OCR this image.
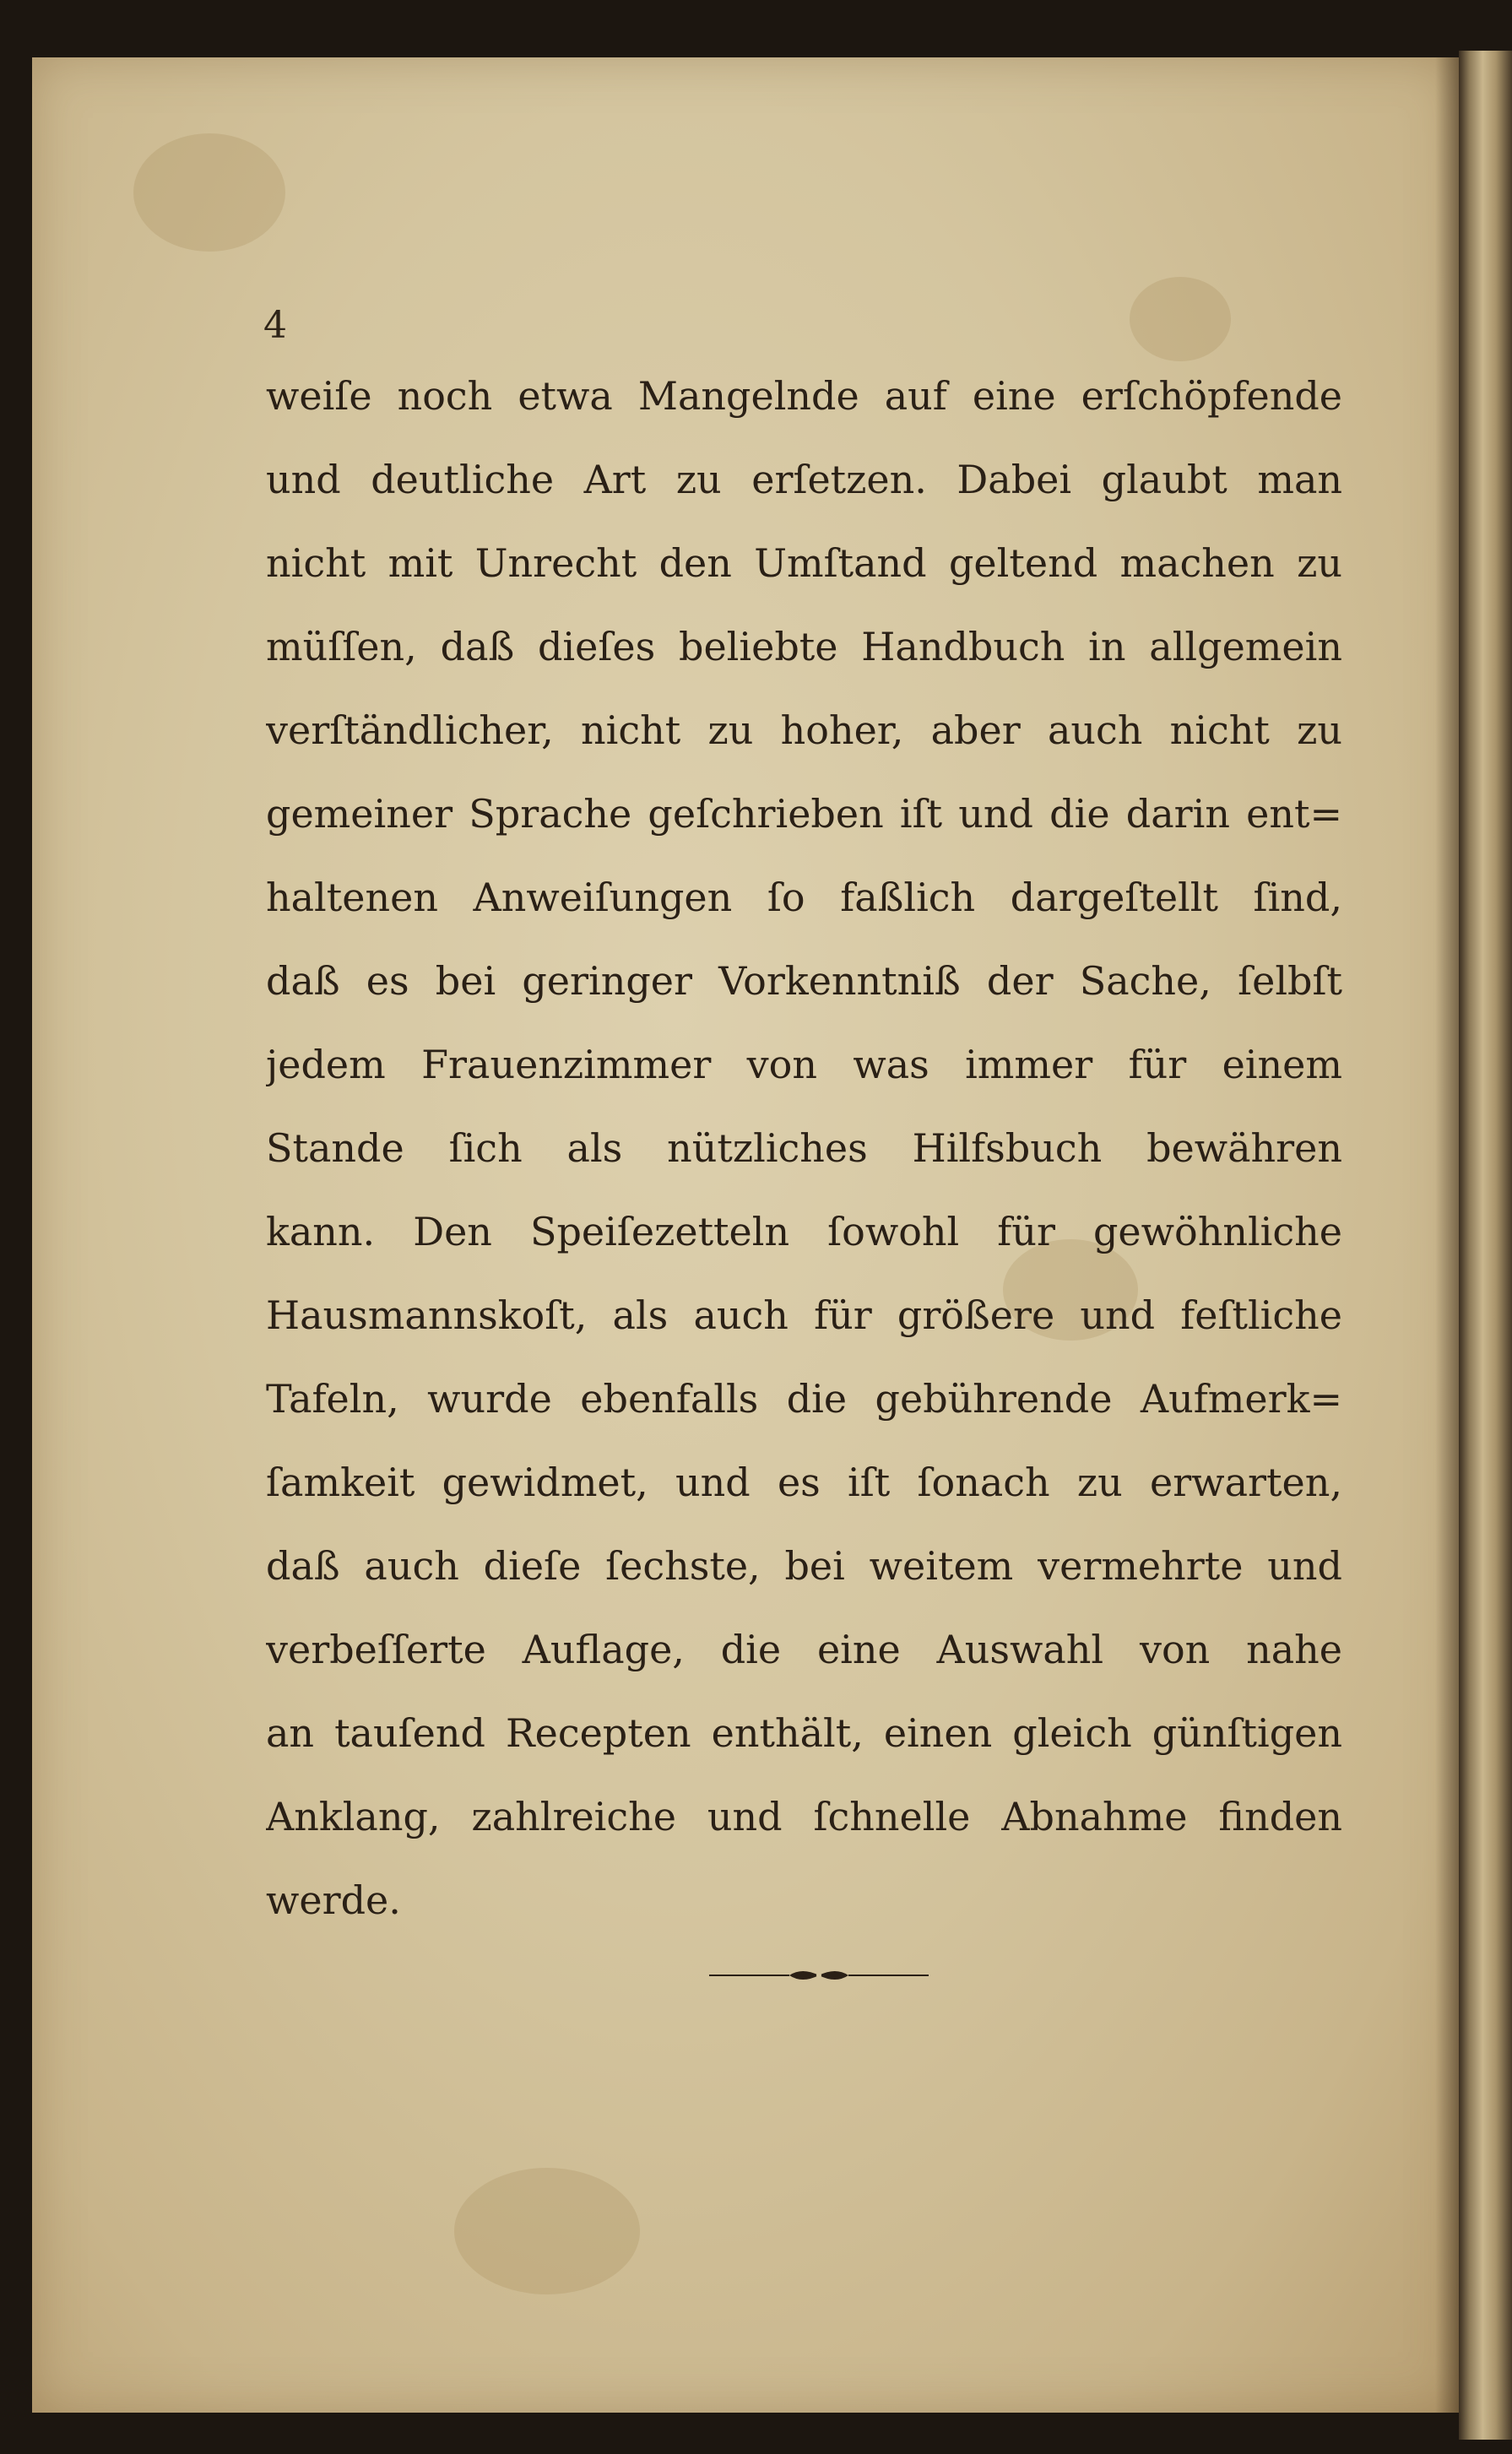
4
weiſe noch etwa Mangelnde auf eine erſchöpfende
und deutliche Art zu erſetzen. Dabei glaubt man
nicht mit Unrecht den Umſtand geltend machen zu
müſſen, daß dieſes beliebte Handbuch in allgemein
verſtändlicher, nicht zu hoher, aber auch nicht zu
gemeiner Sprache geſchrieben iſt und die darin ent=
haltenen Anweiſungen ſo faßlich dargeſtellt ſind,
daß es bei geringer Vorkenntniß der Sache, ſelbſt
jedem Frauenzimmer von was immer für einem
Stande ſich als nützliches Hilfsbuch bewähren
kann. Den Speiſezetteln ſowohl für gewöhnliche
Hausmannskoſt, als auch für größere und feſtliche
Tafeln, wurde ebenfalls die gebührende Aufmerk=
ſamkeit gewidmet, und es iſt ſonach zu erwarten,
daß auch dieſe ſechste, bei weitem vermehrte und
verbeſſerte Auflage, die eine Auswahl von nahe
an tauſend Recepten enthält, einen gleich günſtigen
Anklang, zahlreiche und ſchnelle Abnahme finden
werde.
